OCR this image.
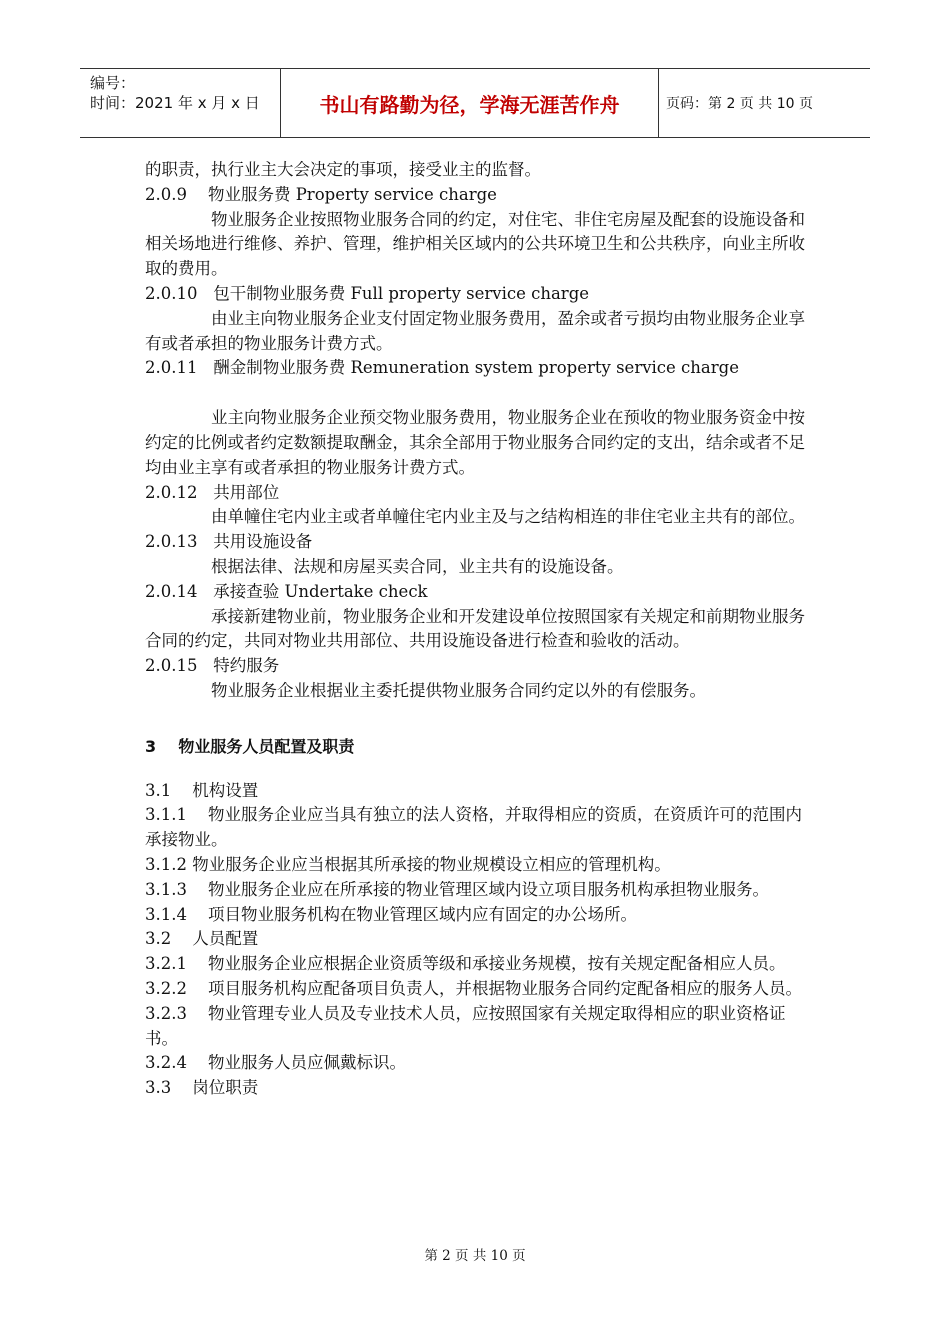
编号：
时间：2021 年 x 月 x 日	书山有路勤为径，学海无涯苦作舟	页码：第 2 页 共 10 页

的职责，执行业主大会决定的事项，接受业主的监督。

2.0.9    物业服务费 Property service charge

物业服务企业按照物业服务合同的约定，对住宅、非住宅房屋及配套的设施设备和相关场地进行维修、养护、管理，维护相关区域内的公共环境卫生和公共秩序，向业主所收取的费用。

2.0.10   包干制物业服务费 Full property service charge

由业主向物业服务企业支付固定物业服务费用，盈余或者亏损均由物业服务企业享有或者承担的物业服务计费方式。

2.0.11   酬金制物业服务费 Remuneration system property service charge

业主向物业服务企业预交物业服务费用，物业服务企业在预收的物业服务资金中按约定的比例或者约定数额提取酬金，其余全部用于物业服务合同约定的支出，结余或者不足均由业主享有或者承担的物业服务计费方式。

2.0.12   共用部位

由单幢住宅内业主或者单幢住宅内业主及与之结构相连的非住宅业主共有的部位。

2.0.13   共用设施设备

根据法律、法规和房屋买卖合同，业主共有的设施设备。

2.0.14   承接查验 Undertake check

承接新建物业前，物业服务企业和开发建设单位按照国家有关规定和前期物业服务合同的约定，共同对物业共用部位、共用设施设备进行检查和验收的活动。

2.0.15   特约服务

物业服务企业根据业主委托提供物业服务合同约定以外的有偿服务。

3    物业服务人员配置及职责

3.1    机构设置

3.1.1    物业服务企业应当具有独立的法人资格，并取得相应的资质，在资质许可的范围内承接物业。

3.1.2 物业服务企业应当根据其所承接的物业规模设立相应的管理机构。

3.1.3    物业服务企业应在所承接的物业管理区域内设立项目服务机构承担物业服务。

3.1.4    项目物业服务机构在物业管理区域内应有固定的办公场所。

3.2    人员配置

3.2.1    物业服务企业应根据企业资质等级和承接业务规模，按有关规定配备相应人员。

3.2.2    项目服务机构应配备项目负责人，并根据物业服务合同约定配备相应的服务人员。

3.2.3    物业管理专业人员及专业技术人员，应按照国家有关规定取得相应的职业资格证书。

3.2.4    物业服务人员应佩戴标识。

3.3    岗位职责

第 2 页 共 10 页
